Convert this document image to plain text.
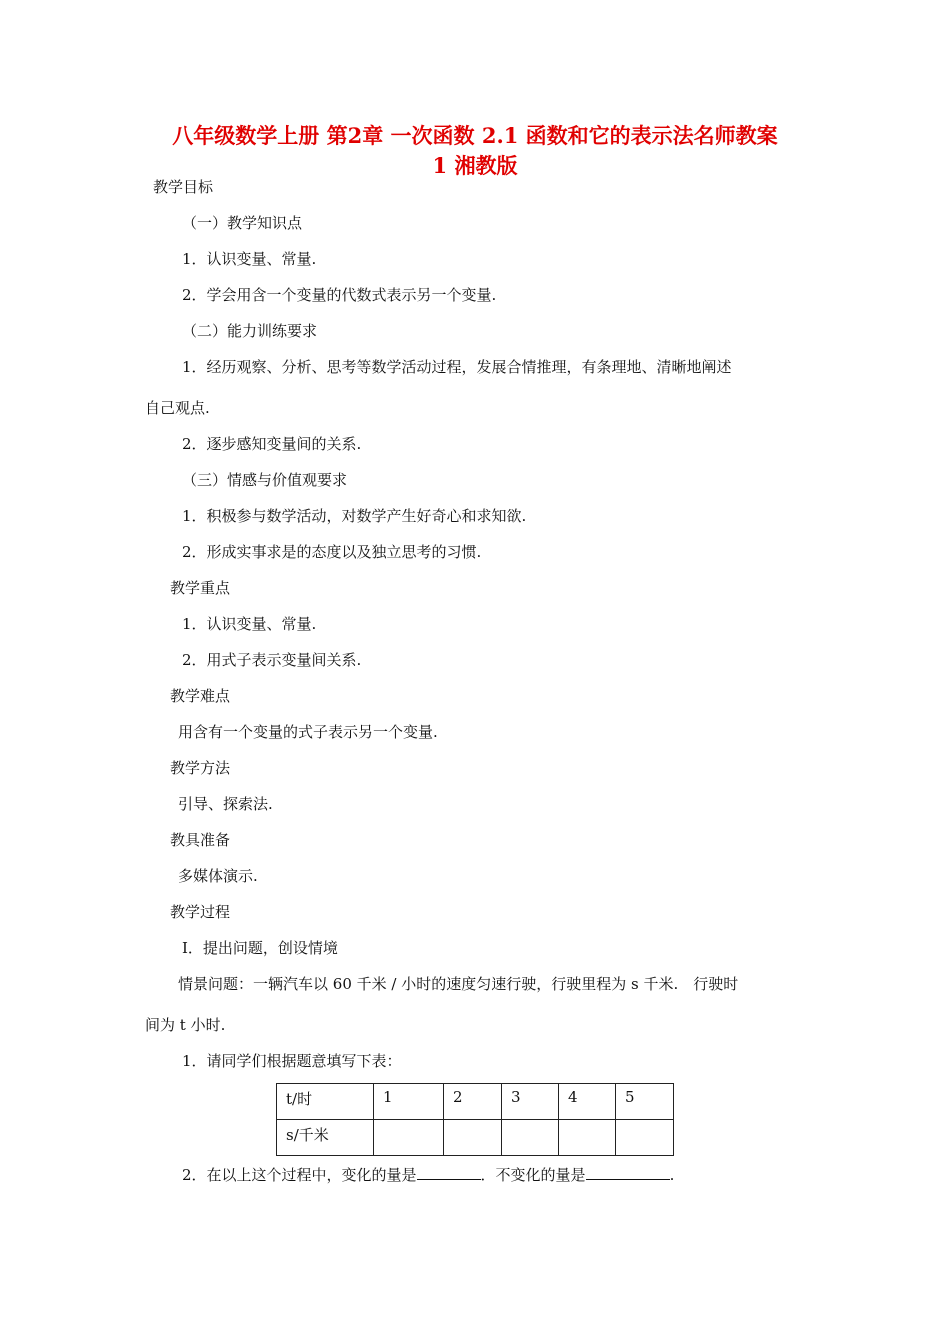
八年级数学上册 第2章 一次函数 2.1 函数和它的表示法名师教案
1 湘教版
教学目标
（一）教学知识点
1．认识变量、常量.
2．学会用含一个变量的代数式表示另一个变量.
（二）能力训练要求
1．经历观察、分析、思考等数学活动过程，发展合情推理，有条理地、清晰地阐述
自己观点.
2．逐步感知变量间的关系.
（三）情感与价值观要求
1．积极参与数学活动，对数学产生好奇心和求知欲.
2．形成实事求是的态度以及独立思考的习惯.
教学重点
1．认识变量、常量.
2．用式子表示变量间关系.
教学难点
用含有一个变量的式子表示另一个变量.
教学方法
引导、探索法.
教具准备
多媒体演示.
教学过程
Ⅰ．提出问题，创设情境
情景问题：一辆汽车以 60 千米 / 小时的速度匀速行驶，行驶里程为 s 千米.　行驶时
间为 t 小时.
1．请同学们根据题意填写下表：
t/时	1	2	3	4	5
s/千米					
2．在以上这个过程中，变化的量是	．不变化的量是	.
